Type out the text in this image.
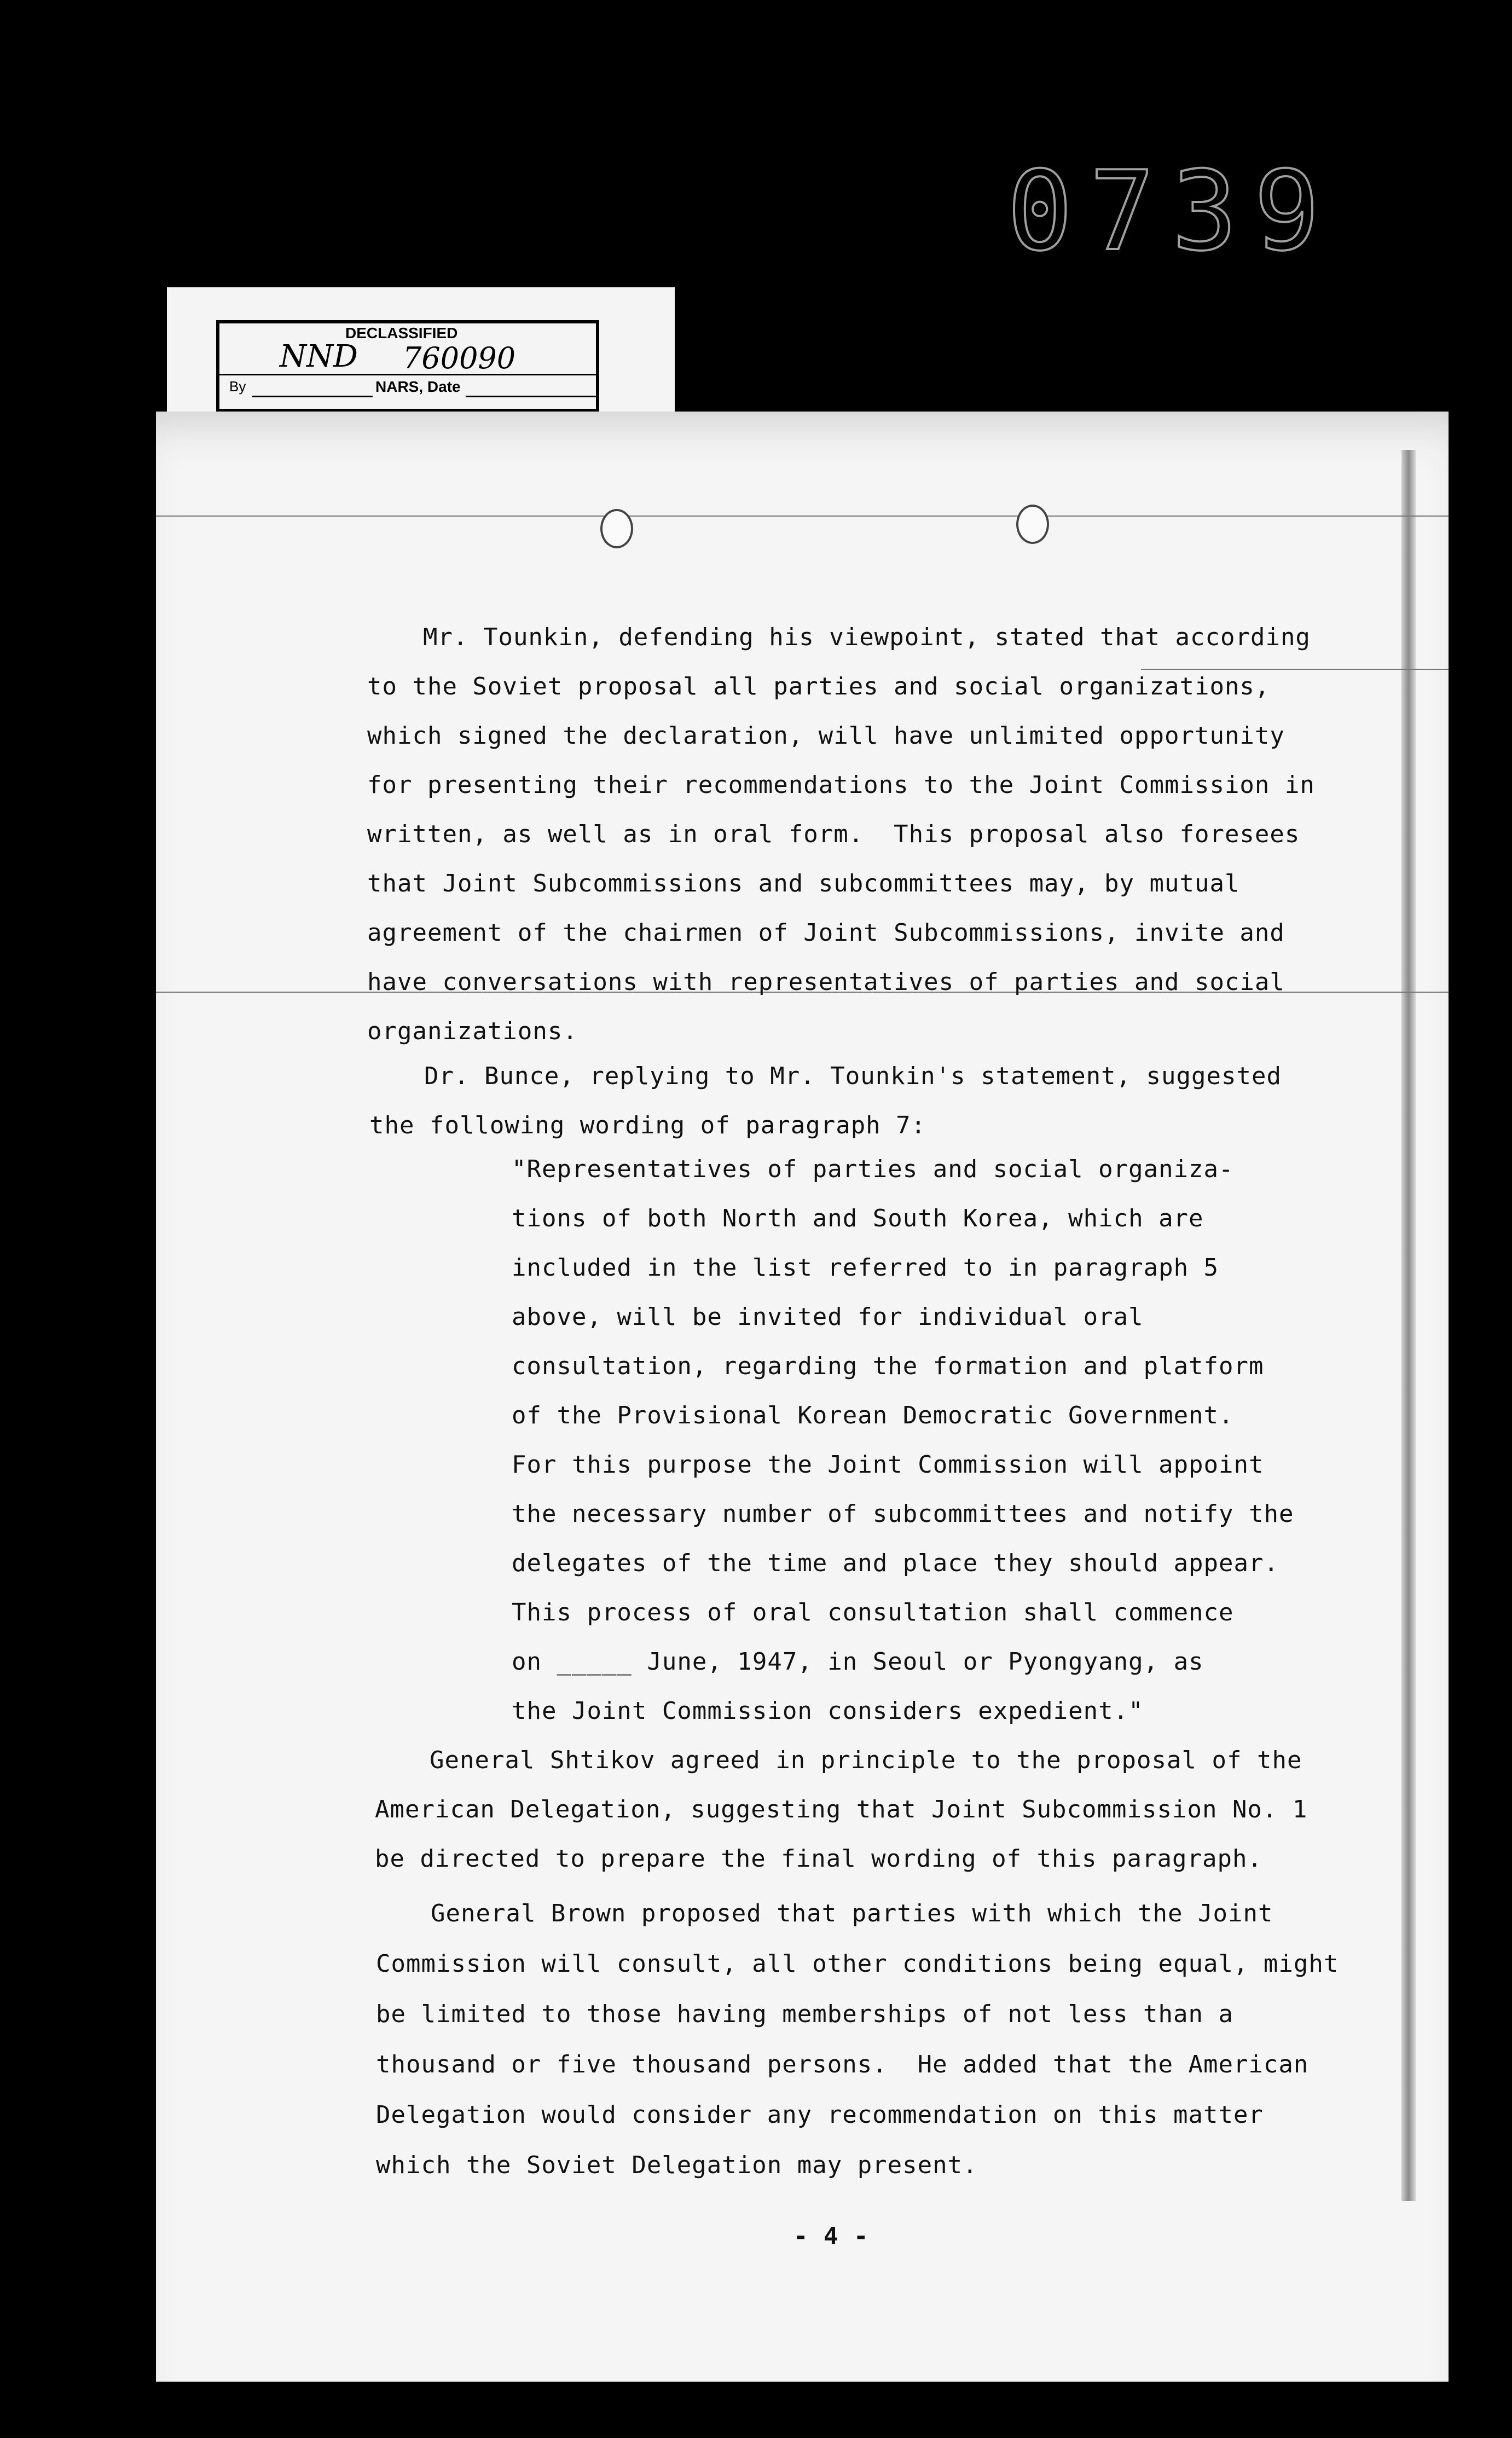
0739
DECLASSIFIED
NND 760090
By	NARS, Date
Mr. Tounkin, defending his viewpoint, stated that according
to the Soviet proposal all parties and social organizations,
which signed the declaration, will have unlimited opportunity
for presenting their recommendations to the Joint Commission in
written, as well as in oral form.  This proposal also foresees
that Joint Subcommissions and subcommittees may, by mutual
agreement of the chairmen of Joint Subcommissions, invite and
have conversations with representatives of parties and social
organizations.
Dr. Bunce, replying to Mr. Tounkin's statement, suggested
the following wording of paragraph 7:
"Representatives of parties and social organiza-
tions of both North and South Korea, which are
included in the list referred to in paragraph 5
above, will be invited for individual oral
consultation, regarding the formation and platform
of the Provisional Korean Democratic Government.
For this purpose the Joint Commission will appoint
the necessary number of subcommittees and notify the
delegates of the time and place they should appear.
This process of oral consultation shall commence
on _____ June, 1947, in Seoul or Pyongyang, as
the Joint Commission considers expedient."
General Shtikov agreed in principle to the proposal of the
American Delegation, suggesting that Joint Subcommission No. 1
be directed to prepare the final wording of this paragraph.
General Brown proposed that parties with which the Joint
Commission will consult, all other conditions being equal, might
be limited to those having memberships of not less than a
thousand or five thousand persons.  He added that the American
Delegation would consider any recommendation on this matter
which the Soviet Delegation may present.
- 4 -
